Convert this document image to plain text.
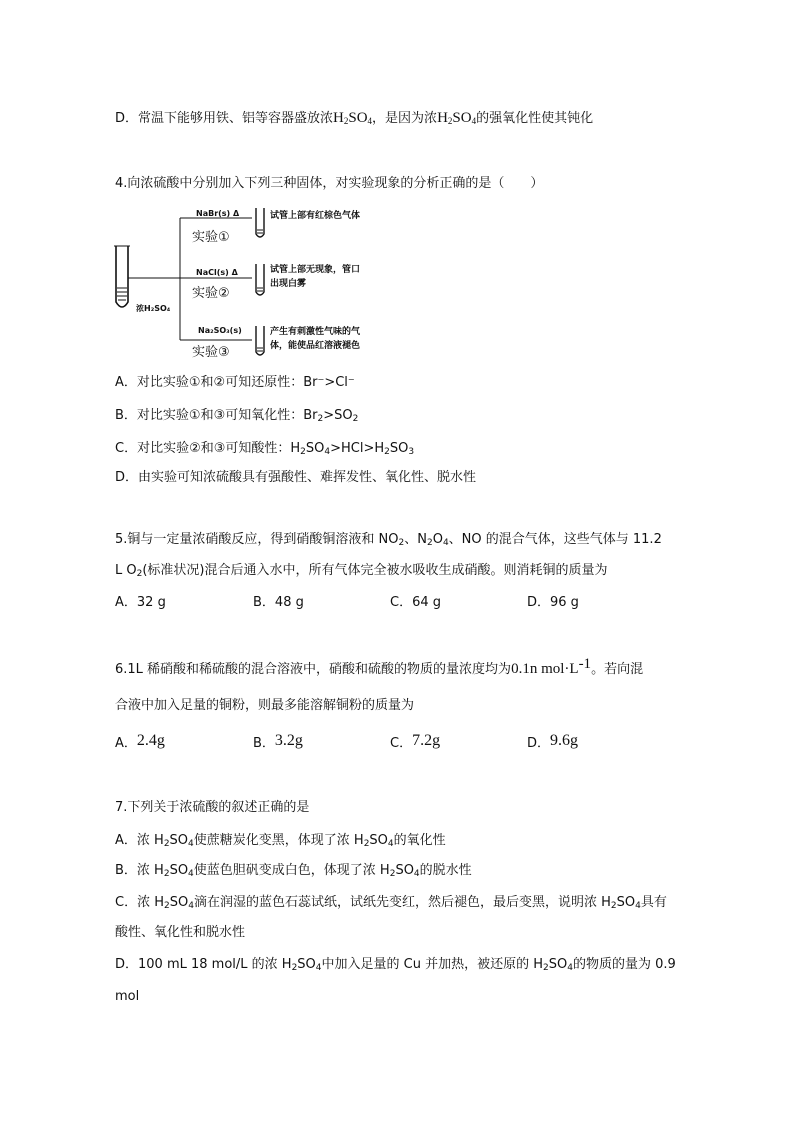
D．常温下能够用铁、铝等容器盛放浓$H_2SO_4$，是因为浓$H_2SO_4$的强氧化性使其钝化
4.向浓硫酸中分别加入下列三种固体，对实验现象的分析正确的是（　　）
浓H₂SO₄
NaBr(s) Δ
NaCl(s) Δ
Na₂SO₃(s)
实验①
实验②
实验③
试管上部有红棕色气体
试管上部无现象，管口
出现白雾
产生有刺激性气味的气
体，能使品红溶液褪色
A．对比实验①和②可知还原性：Br⁻>Cl⁻
B．对比实验①和③可知氧化性：$Br_2>SO_2$
C．对比实验②和③可知酸性：$H_2SO_4>HCl>H_2SO_3$
D．由实验可知浓硫酸具有强酸性、难挥发性、氧化性、脱水性
5.铜与一定量浓硝酸反应，得到硝酸铜溶液和 $NO_2$、$N_2O_4$、NO 的混合气体，这些气体与 11.2
L $O_2$(标准状况)混合后通入水中，所有气体完全被水吸收生成硝酸。则消耗铜的质量为
A．32 g	B．48 g	C．64 g	D．96 g
6.1L 稀硝酸和稀硫酸的混合溶液中，硝酸和硫酸的物质的量浓度均为0.1n $mol\cdot L^{-1}$。若向混
合液中加入足量的铜粉，则最多能溶解铜粉的质量为
A．2.4g	B．3.2g	C．7.2g	D．9.6g
7.下列关于浓硫酸的叙述正确的是
A．浓 $H_2SO_4$使蔗糖炭化变黑，体现了浓 $H_2SO_4$的氧化性
B．浓 $H_2SO_4$使蓝色胆矾变成白色，体现了浓 $H_2SO_4$的脱水性
C．浓 $H_2SO_4$滴在润湿的蓝色石蕊试纸，试纸先变红，然后褪色，最后变黑，说明浓 $H_2SO_4$具有
酸性、氧化性和脱水性
D．100 mL 18 mol/L 的浓 $H_2SO_4$中加入足量的 Cu 并加热，被还原的 $H_2SO_4$的物质的量为 0.9
mol
